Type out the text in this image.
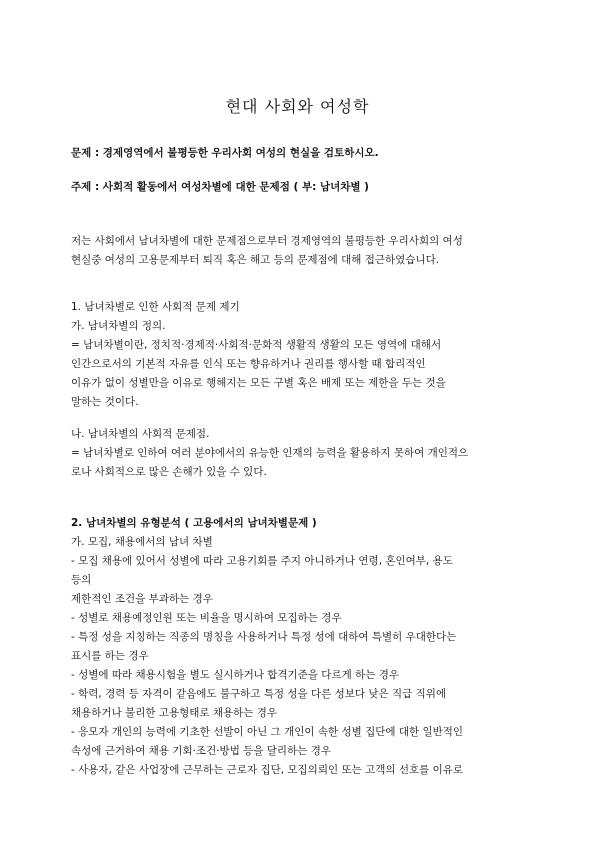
현대 사회와 여성학
문제 : 경제영역에서 불평등한 우리사회 여성의 현실을 검토하시오.
주제 : 사회적 활동에서 여성차별에 대한 문제점 ( 부: 남녀차별 )
저는 사회에서 남녀차별에 대한 문제점으로부터 경제영역의 불평등한 우리사회의 여성
현실중 여성의 고용문제부터 퇴직 혹은 해고 등의 문제점에 대해 접근하였습니다.
1. 남녀차별로 인한 사회적 문제 제기
가. 남녀차별의 정의.
= 남녀차별이란, 정치적·경제적·사회적·문화적 생활적 생활의 모든 영역에 대해서
인간으로서의 기본적 자유를 인식 또는 향유하거나 권리를 행사할 때 합리적인
이유가 없이 성별만을 이유로 행해지는 모든 구별 혹은 배제 또는 제한을 두는 것을
말하는 것이다.
나. 남녀차별의 사회적 문제점.
= 남녀차별로 인하여 여러 분야에서의 유능한 인재의 능력을 활용하지 못하여 개인적으
로나 사회적으로 많은 손해가 있을 수 있다.
2. 남녀차별의 유형분석 ( 고용에서의 남녀차별문제 )
가. 모집, 채용에서의 남녀 차별
- 모집 채용에 있어서 성별에 따라 고용기회를 주지 아니하거나 연령, 혼인여부, 용도
등의
제한적인 조건을 부과하는 경우
- 성별로 채용예정인원 또는 비율을 명시하여 모집하는 경우
- 특정 성을 지칭하는 직종의 명칭을 사용하거나 특정 성에 대하여 특별히 우대한다는
표시를 하는 경우
- 성별에 따라 채용시험을 별도 실시하거나 합격기준을 다르게 하는 경우
- 학력, 경력 등 자격이 같음에도 불구하고 특정 성을 다른 성보다 낮은 직급 직위에
채용하거나 불리한 고용형태로 채용하는 경우
- 응모자 개인의 능력에 기초한 선발이 아닌 그 개인이 속한 성별 집단에 대한 일반적인
속성에 근거하여 채용 기회·조건·방법 등을 달리하는 경우
- 사용자, 같은 사업장에 근무하는 근로자 집단, 모집의뢰인 또는 고객의 선호를 이유로
